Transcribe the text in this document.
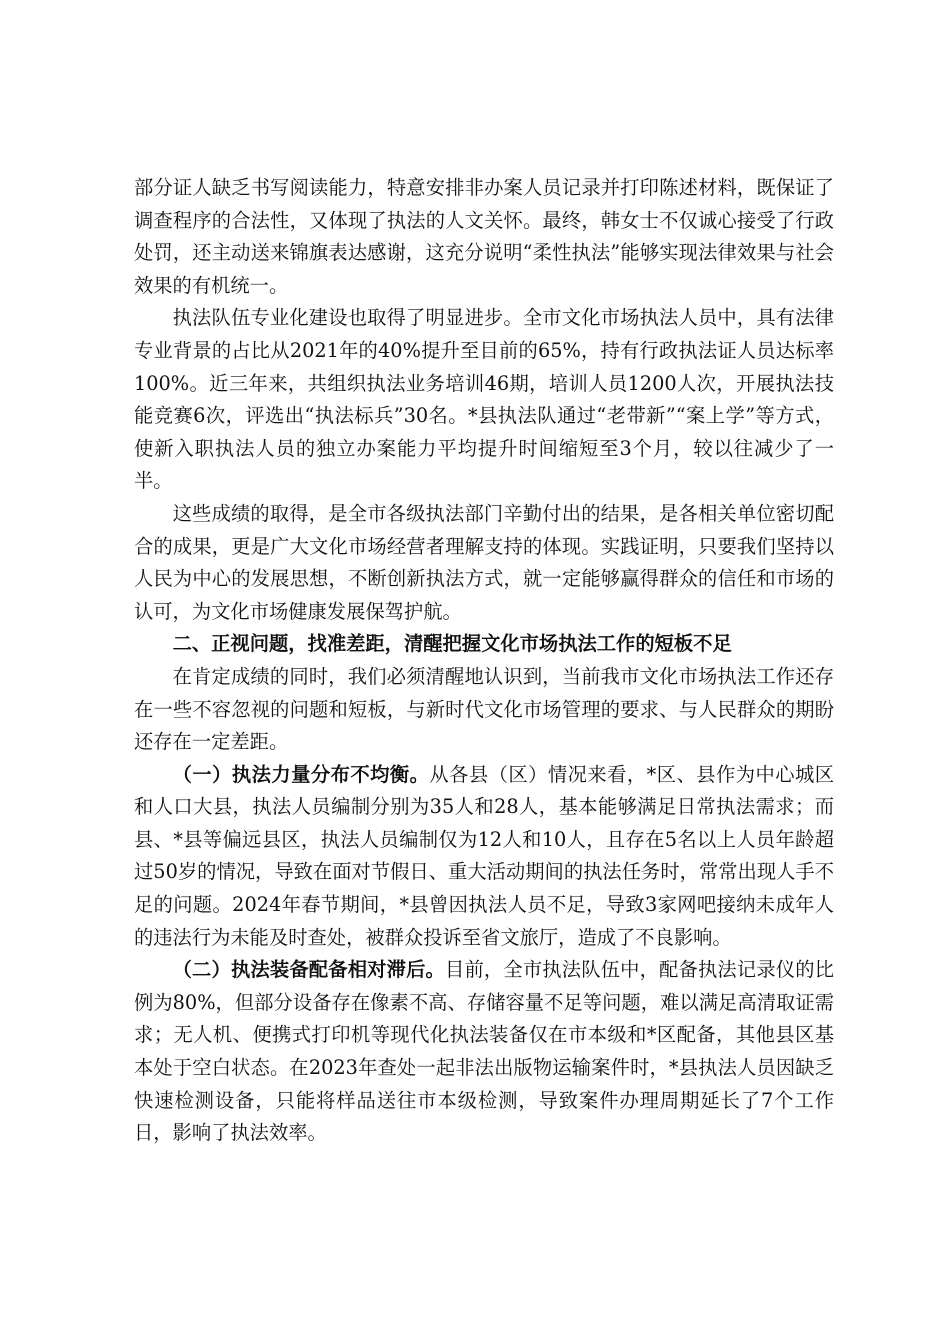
部分证人缺乏书写阅读能力，特意安排非办案人员记录并打印陈述材料，既保证了调查程序的合法性，又体现了执法的人文关怀。最终，韩女士不仅诚心接受了行政处罚，还主动送来锦旗表达感谢，这充分说明“柔性执法”能够实现法律效果与社会效果的有机统一。

执法队伍专业化建设也取得了明显进步。全市文化市场执法人员中，具有法律专业背景的占比从2021年的40%提升至目前的65%，持有行政执法证人员达标率100%。近三年来，共组织执法业务培训46期，培训人员1200人次，开展执法技能竞赛6次，评选出“执法标兵”30名。*县执法队通过“老带新”“案上学”等方式，使新入职执法人员的独立办案能力平均提升时间缩短至3个月，较以往减少了一半。

这些成绩的取得，是全市各级执法部门辛勤付出的结果，是各相关单位密切配合的成果，更是广大文化市场经营者理解支持的体现。实践证明，只要我们坚持以人民为中心的发展思想，不断创新执法方式，就一定能够赢得群众的信任和市场的认可，为文化市场健康发展保驾护航。

二、正视问题，找准差距，清醒把握文化市场执法工作的短板不足

在肯定成绩的同时，我们必须清醒地认识到，当前我市文化市场执法工作还存在一些不容忽视的问题和短板，与新时代文化市场管理的要求、与人民群众的期盼还存在一定差距。

（一）执法力量分布不均衡。从各县（区）情况来看，*区、县作为中心城区和人口大县，执法人员编制分别为35人和28人，基本能够满足日常执法需求；而县、*县等偏远县区，执法人员编制仅为12人和10人，且存在5名以上人员年龄超过50岁的情况，导致在面对节假日、重大活动期间的执法任务时，常常出现人手不足的问题。2024年春节期间，*县曾因执法人员不足，导致3家网吧接纳未成年人的违法行为未能及时查处，被群众投诉至省文旅厅，造成了不良影响。

（二）执法装备配备相对滞后。目前，全市执法队伍中，配备执法记录仪的比例为80%，但部分设备存在像素不高、存储容量不足等问题，难以满足高清取证需求；无人机、便携式打印机等现代化执法装备仅在市本级和*区配备，其他县区基本处于空白状态。在2023年查处一起非法出版物运输案件时，*县执法人员因缺乏快速检测设备，只能将样品送往市本级检测，导致案件办理周期延长了7个工作日，影响了执法效率。
